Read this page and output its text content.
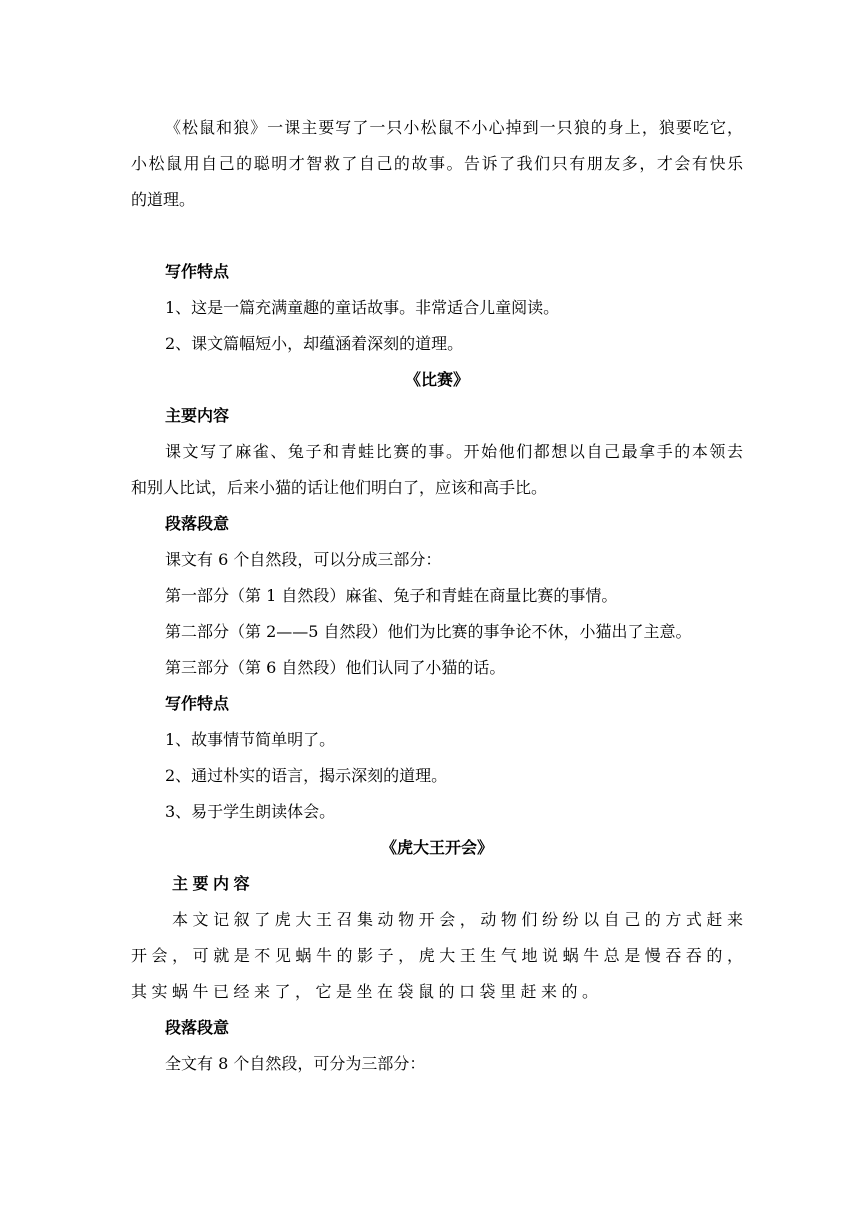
《松鼠和狼》一课主要写了一只小松鼠不小心掉到一只狼的身上，狼要吃它，
小松鼠用自己的聪明才智救了自己的故事。告诉了我们只有朋友多，才会有快乐
的道理。
写作特点
1、这是一篇充满童趣的童话故事。非常适合儿童阅读。
2、课文篇幅短小，却蕴涵着深刻的道理。
《比赛》
主要内容
课文写了麻雀、兔子和青蛙比赛的事。开始他们都想以自己最拿手的本领去
和别人比试，后来小猫的话让他们明白了，应该和高手比。
段落段意
课文有 6 个自然段，可以分成三部分：
第一部分（第 1 自然段）麻雀、兔子和青蛙在商量比赛的事情。
第二部分（第 2——5 自然段）他们为比赛的事争论不休，小猫出了主意。
第三部分（第 6 自然段）他们认同了小猫的话。
写作特点
1、故事情节简单明了。
2、通过朴实的语言，揭示深刻的道理。
3、易于学生朗读体会。
《虎大王开会》
主要内容
本文记叙了虎大王召集动物开会，动物们纷纷以自己的方式赶来
开会，可就是不见蜗牛的影子，虎大王生气地说蜗牛总是慢吞吞的，
其实蜗牛已经来了，它是坐在袋鼠的口袋里赶来的。
段落段意
全文有 8 个自然段，可分为三部分：
